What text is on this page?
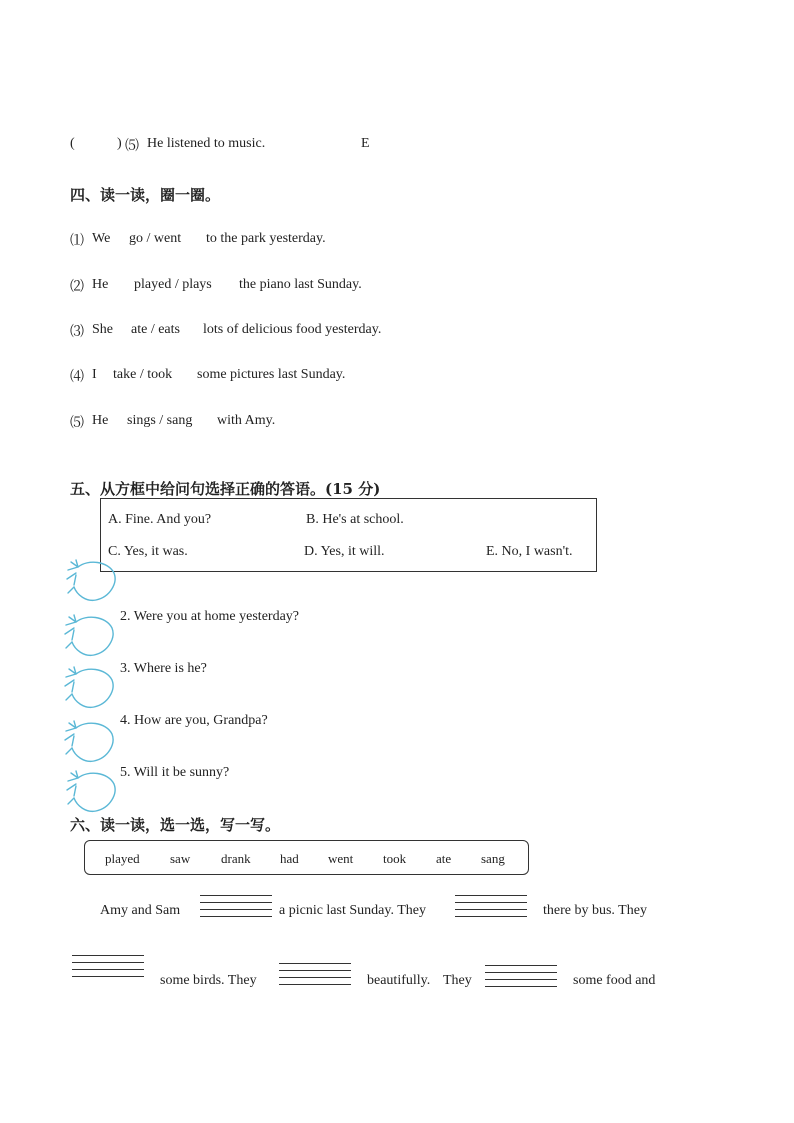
(	) ⑸ He listened to music.	E
四、读一读，圈一圈。
⑴ We go / went to the park yesterday.
⑵ He played / plays the piano last Sunday.
⑶ She ate / eats lots of delicious food yesterday.
⑷ I take / took some pictures last Sunday.
⑸ He sings / sang with Amy.
五、从方框中给问句选择正确的答语。(15 分)
A. Fine. And you?	B. He's at school.
C. Yes, it was.	D. Yes, it will.	E. No, I wasn't.
2. Were you at home yesterday?
3. Where is he?
4. How are you, Grandpa?
5. Will it be sunny?
六、读一读，选一选，写一写。
played saw drank had went took ate sang
Amy and Sam	a picnic last Sunday. They	there by bus. They
some birds. They	beautifully. They	some food and
